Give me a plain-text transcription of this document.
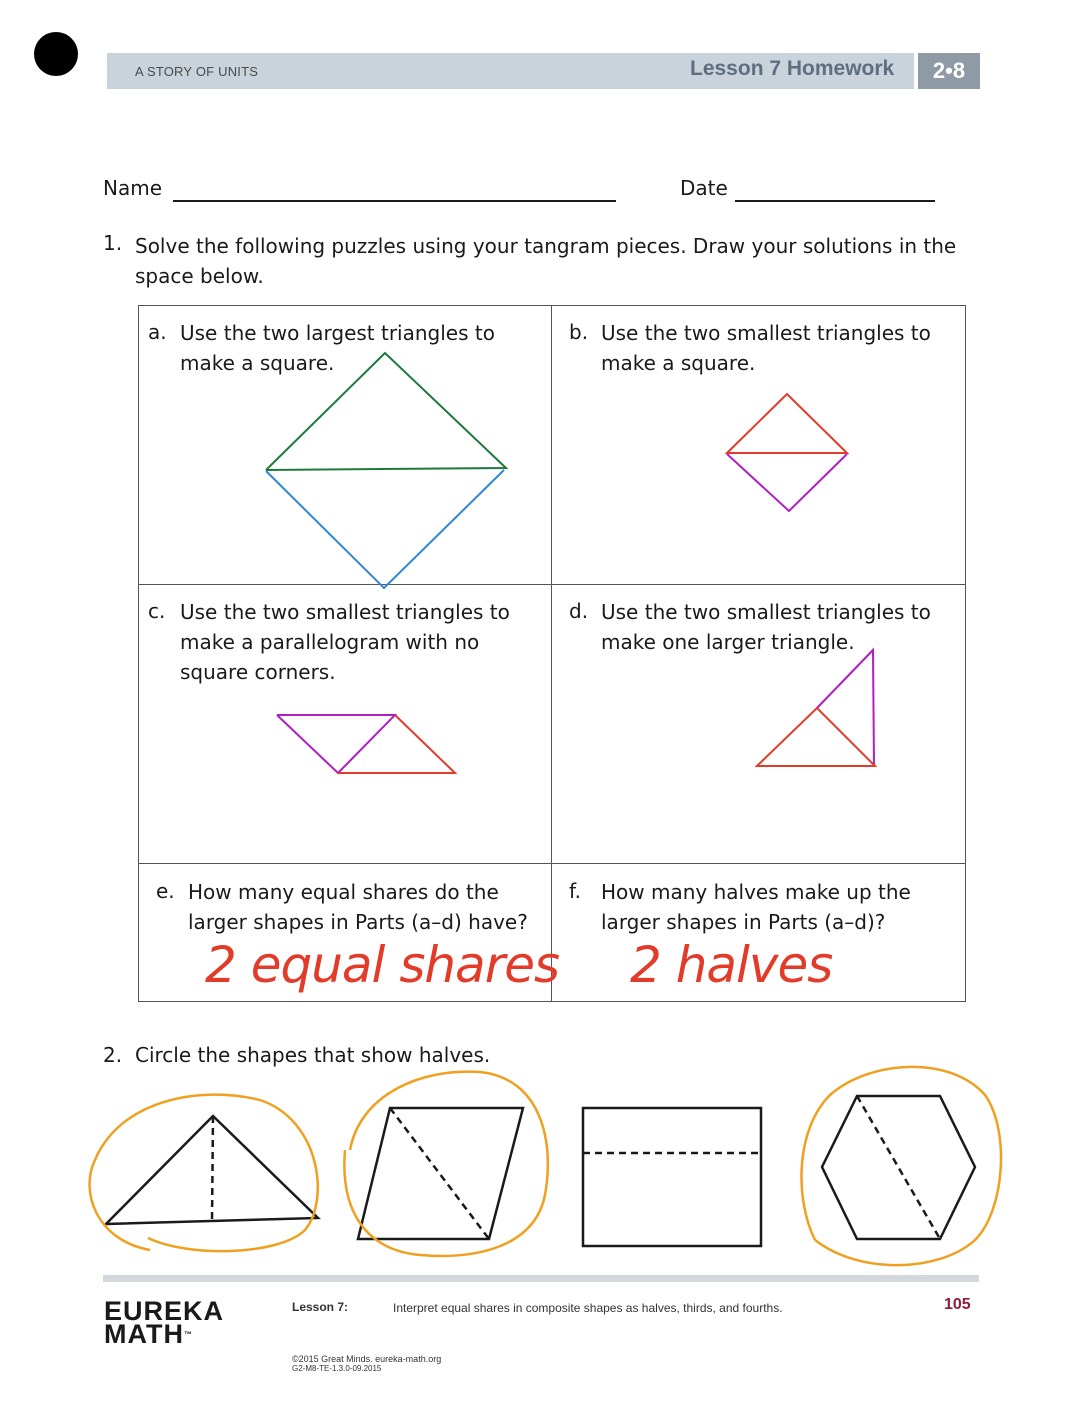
A STORY OF UNITS	Lesson 7 Homework	2•8
Name	Date
1. Solve the following puzzles using your tangram pieces. Draw your solutions in the space below.
a. Use the two largest triangles to make a square.
b. Use the two smallest triangles to make a square.
c. Use the two smallest triangles to make a parallelogram with no square corners.
d. Use the two smallest triangles to make one larger triangle.
e. How many equal shares do the larger shapes in Parts (a–d) have?
2 equal shares
f. How many halves make up the larger shapes in Parts (a–d)?
2 halves
2. Circle the shapes that show halves.
EUREKA
MATH™
Lesson 7:	Interpret equal shares in composite shapes as halves, thirds, and fourths.	105
©2015 Great Minds. eureka-math.org
G2-M8-TE-1.3.0-09.2015
